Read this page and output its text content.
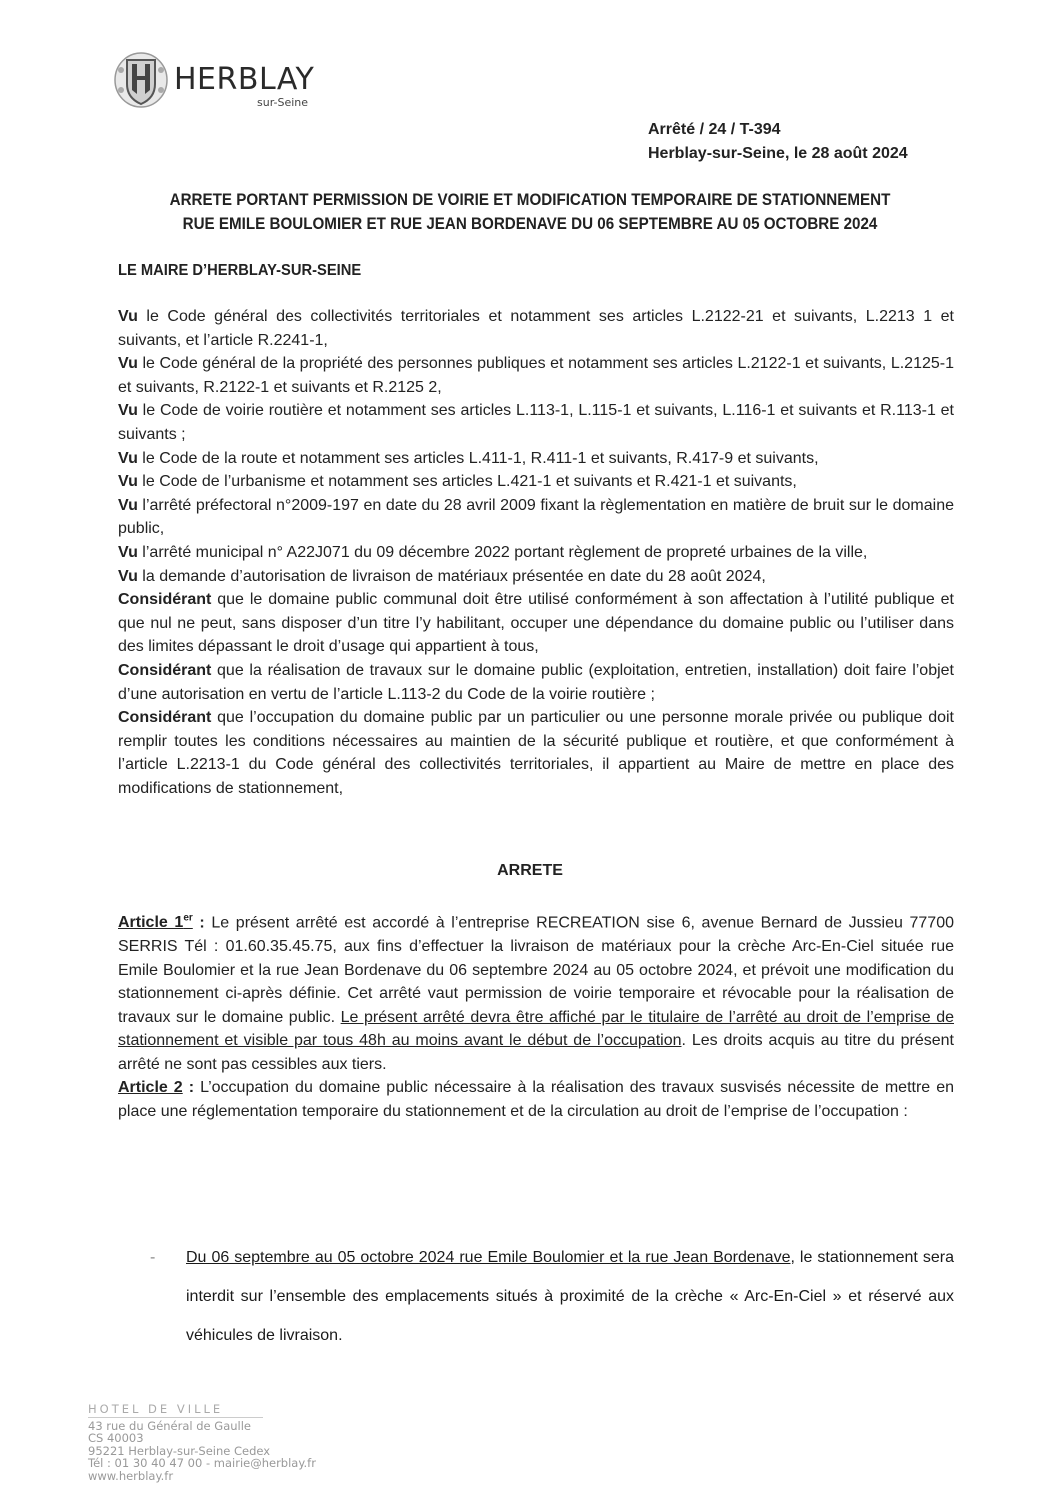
HERBLAY
sur-Seine
Arrêté / 24 / T-394
Herblay-sur-Seine, le 28 août 2024
ARRETE PORTANT PERMISSION DE VOIRIE ET MODIFICATION TEMPORAIRE DE STATIONNEMENT
RUE EMILE BOULOMIER ET RUE JEAN BORDENAVE DU 06 SEPTEMBRE AU 05 OCTOBRE 2024
LE MAIRE D’HERBLAY-SUR-SEINE

Vu le Code général des collectivités territoriales et notamment ses articles L.2122-21 et suivants, L.2213 1 et suivants, et l’article R.2241-1,

Vu le Code général de la propriété des personnes publiques et notamment ses articles L.2122-1 et suivants, L.2125-1 et suivants, R.2122-1 et suivants et R.2125 2,

Vu le Code de voirie routière et notamment ses articles L.113-1, L.115-1 et suivants, L.116-1 et suivants et R.113-1 et suivants ;

Vu le Code de la route et notamment ses articles L.411-1, R.411-1 et suivants, R.417-9 et suivants,

Vu le Code de l’urbanisme et notamment ses articles L.421-1 et suivants et R.421-1 et suivants,

Vu l’arrêté préfectoral n°2009-197 en date du 28 avril 2009 fixant la règlementation en matière de bruit sur le domaine public,

Vu l’arrêté municipal n° A22J071 du 09 décembre 2022 portant règlement de propreté urbaines de la ville,

Vu la demande d’autorisation de livraison de matériaux présentée en date du 28 août 2024,

Considérant que le domaine public communal doit être utilisé conformément à son affectation à l’utilité publique et que nul ne peut, sans disposer d’un titre l’y habilitant, occuper une dépendance du domaine public ou l’utiliser dans des limites dépassant le droit d’usage qui appartient à tous,

Considérant que la réalisation de travaux sur le domaine public (exploitation, entretien, installation) doit faire l’objet d’une autorisation en vertu de l’article L.113-2 du Code de la voirie routière ;

Considérant que l’occupation du domaine public par un particulier ou une personne morale privée ou publique doit remplir toutes les conditions nécessaires au maintien de la sécurité publique et routière, et que conformément à l’article L.2213-1 du Code général des collectivités territoriales, il appartient au Maire de mettre en place des modifications de stationnement,

ARRETE

Article 1er : Le présent arrêté est accordé à l’entreprise RECREATION sise 6, avenue Bernard de Jussieu 77700 SERRIS Tél : 01.60.35.45.75, aux fins d’effectuer la livraison de matériaux pour la crèche Arc-En-Ciel située rue Emile Boulomier et la rue Jean Bordenave du 06 septembre 2024 au 05 octobre 2024, et prévoit une modification du stationnement ci-après définie. Cet arrêté vaut permission de voirie temporaire et révocable pour la réalisation de travaux sur le domaine public. Le présent arrêté devra être affiché par le titulaire de l’arrêté au droit de l’emprise de stationnement et visible par tous 48h au moins avant le début de l’occupation. Les droits acquis au titre du présent arrêté ne sont pas cessibles aux tiers.

Article 2 : L’occupation du domaine public nécessaire à la réalisation des travaux susvisés nécessite de mettre en place une réglementation temporaire du stationnement et de la circulation au droit de l’emprise de l’occupation :

- Du 06 septembre au 05 octobre 2024 rue Emile Boulomier et la rue Jean Bordenave, le stationnement sera interdit sur l’ensemble des emplacements situés à proximité de la crèche « Arc-En-Ciel » et réservé aux véhicules de livraison.
HOTEL DE VILLE
43 rue du Général de Gaulle
CS 40003
95221 Herblay-sur-Seine Cedex
Tél : 01 30 40 47 00 - mairie@herblay.fr
www.herblay.fr
